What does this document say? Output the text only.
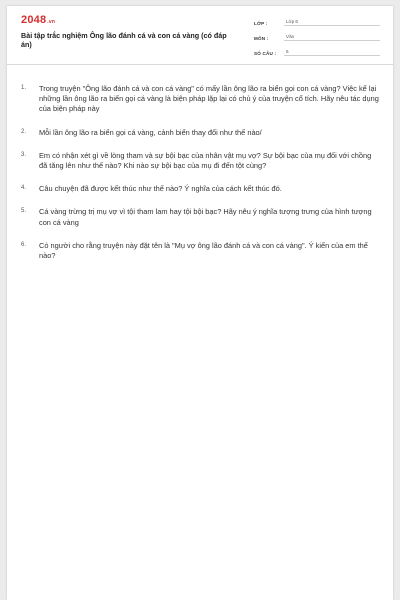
2048.vn
Bài tập trắc nghiệm Ông lão đánh cá và con cá vàng (có đáp án)
LỚP :	Lớp 6
MÔN :	Văn
SỐ CÂU :	6
1.	Trong truyện "Ông lão đánh cá và con cá vàng" có mấy lần ông lão ra biển gọi con cá vàng? Việc kể lại những lần ông lão ra biển gọi cá vàng là biện pháp lặp lại có chủ ý của truyện cổ tích. Hãy nêu tác dụng của biện pháp này
2.	Mỗi lần ông lão ra biển gọi cá vàng, cảnh biển thay đổi như thế nào/
3.	Em có nhận xét gì về lòng tham và sự bội bạc của nhân vật mụ vợ? Sự bội bạc của mụ đối với chồng đã tăng lên như thế nào? Khi nào sự bội bạc của mụ đi đến tột cùng?
4.	Câu chuyện đã được kết thúc như thế nào? Ý nghĩa của cách kết thúc đó.
5.	Cá vàng trừng trị mụ vợ vì tội tham lam hay tội bội bạc? Hãy nêu ý nghĩa tượng trưng của hình tượng con cá vàng
6.	Có người cho rằng truyện này đặt tên là "Mụ vợ ông lão đánh cá và con cá vàng". Ý kiến của em thế nào?
